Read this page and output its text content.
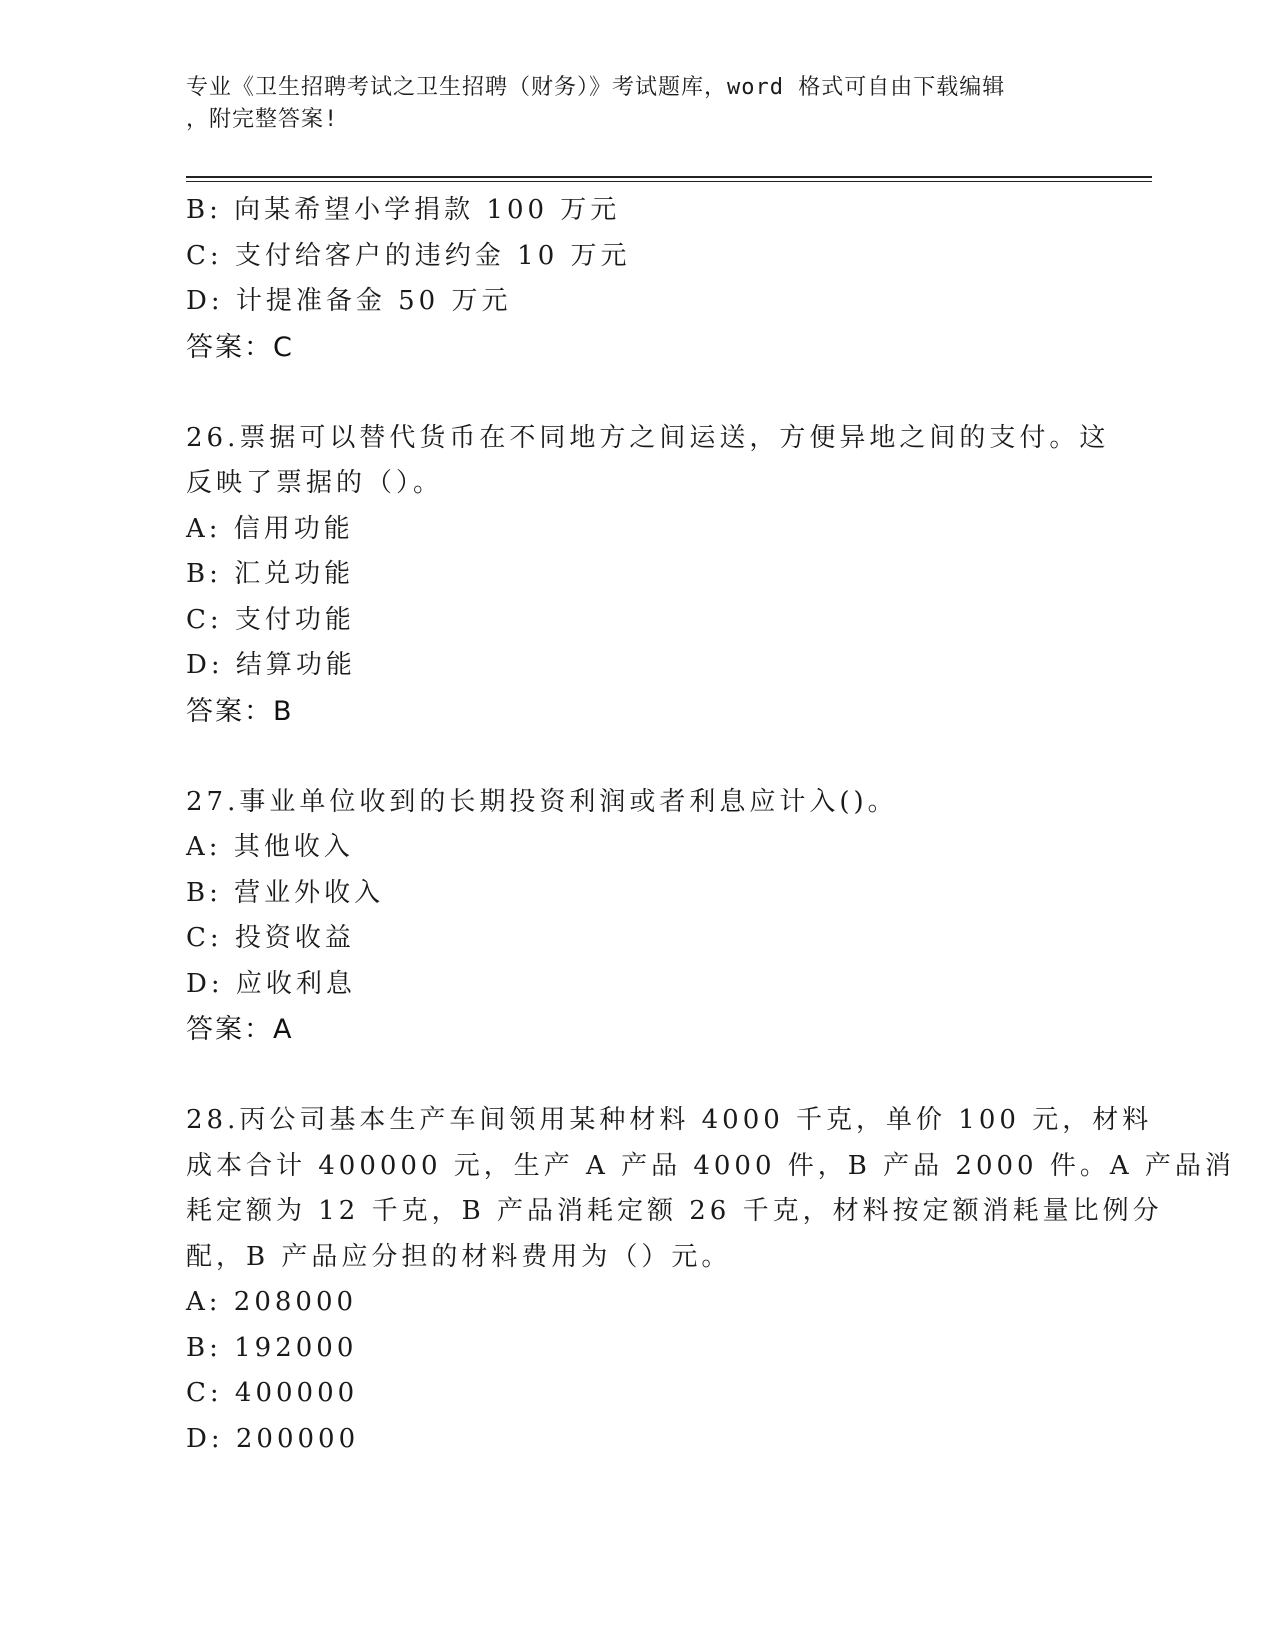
专业《卫生招聘考试之卫生招聘（财务）》考试题库，word 格式可自由下载编辑
，附完整答案!
B: 向某希望小学捐款 100 万元
C: 支付给客户的违约金 10 万元
D: 计提准备金 50 万元
答案：C
26.票据可以替代货币在不同地方之间运送，方便异地之间的支付。这
反映了票据的（）。
A: 信用功能
B: 汇兑功能
C: 支付功能
D: 结算功能
答案：B
27.事业单位收到的长期投资利润或者利息应计入()。
A: 其他收入
B: 营业外收入
C: 投资收益
D: 应收利息
答案：A
28.丙公司基本生产车间领用某种材料 4000 千克，单价 100 元，材料
成本合计 400000 元，生产 A 产品 4000 件，B 产品 2000 件。A 产品消
耗定额为 12 千克，B 产品消耗定额 26 千克，材料按定额消耗量比例分
配，B 产品应分担的材料费用为（）元。
A: 208000
B: 192000
C: 400000
D: 200000
